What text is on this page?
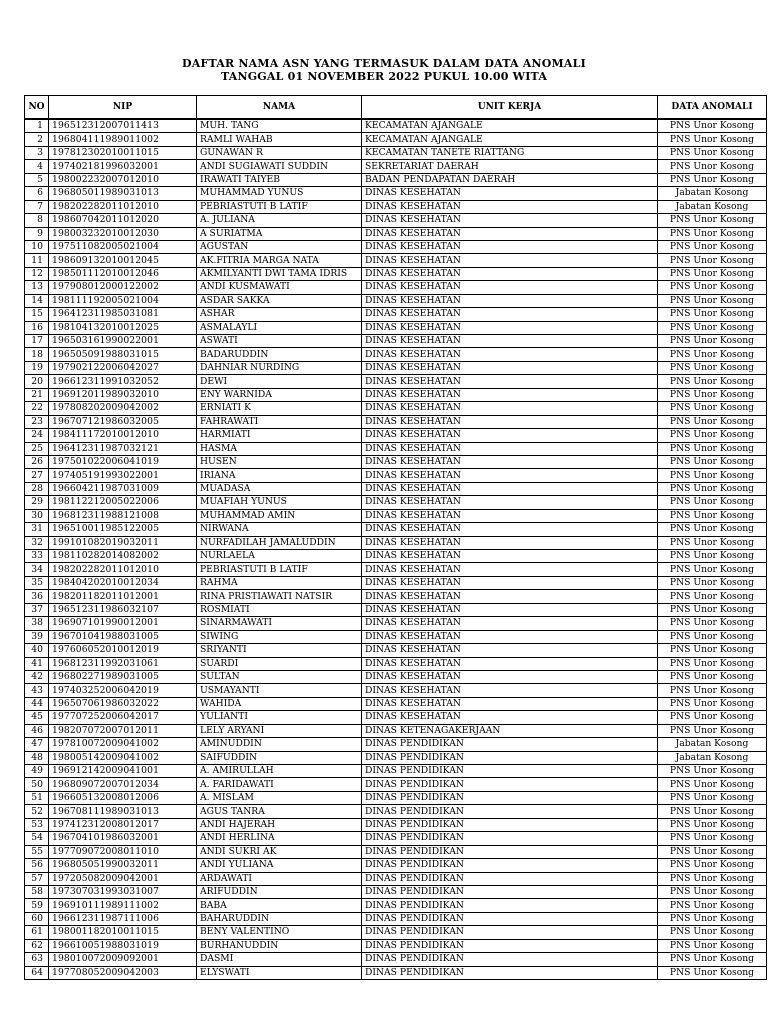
DAFTAR NAMA ASN YANG TERMASUK DALAM DATA ANOMALI
TANGGAL 01 NOVEMBER 2022 PUKUL 10.00 WITA
NO	NIP	NAMA	UNIT KERJA	DATA ANOMALI
1	196512312007011413	MUH. TANG	KECAMATAN AJANGALE	PNS Unor Kosong
2	196804111989011002	RAMLI WAHAB	KECAMATAN AJANGALE	PNS Unor Kosong
3	197812302010011015	GUNAWAN R	KECAMATAN TANETE RIATTANG	PNS Unor Kosong
4	197402181996032001	ANDI SUGIAWATI SUDDIN	SEKRETARIAT DAERAH	PNS Unor Kosong
5	198002232007012010	IRAWATI TAIYEB	BADAN PENDAPATAN DAERAH	PNS Unor Kosong
6	196805011989031013	MUHAMMAD YUNUS	DINAS KESEHATAN	Jabatan Kosong
7	198202282011012010	PEBRIASTUTI B LATIF	DINAS KESEHATAN	Jabatan Kosong
8	198607042011012020	A. JULIANA	DINAS KESEHATAN	PNS Unor Kosong
9	198003232010012030	A SURIATMA	DINAS KESEHATAN	PNS Unor Kosong
10	197511082005021004	AGUSTAN	DINAS KESEHATAN	PNS Unor Kosong
11	198609132010012045	AK.FITRIA MARGA NATA	DINAS KESEHATAN	PNS Unor Kosong
12	198501112010012046	AKMILYANTI DWI TAMA IDRIS	DINAS KESEHATAN	PNS Unor Kosong
13	197908012000122002	ANDI KUSMAWATI	DINAS KESEHATAN	PNS Unor Kosong
14	198111192005021004	ASDAR SAKKA	DINAS KESEHATAN	PNS Unor Kosong
15	196412311985031081	ASHAR	DINAS KESEHATAN	PNS Unor Kosong
16	198104132010012025	ASMALAYLI	DINAS KESEHATAN	PNS Unor Kosong
17	196503161990022001	ASWATI	DINAS KESEHATAN	PNS Unor Kosong
18	196505091988031015	BADARUDDIN	DINAS KESEHATAN	PNS Unor Kosong
19	197902122006042027	DAHNIAR NURDING	DINAS KESEHATAN	PNS Unor Kosong
20	196612311991032052	DEWI	DINAS KESEHATAN	PNS Unor Kosong
21	196912011989032010	ENY WARNIDA	DINAS KESEHATAN	PNS Unor Kosong
22	197808202009042002	ERNIATI K	DINAS KESEHATAN	PNS Unor Kosong
23	196707121986032005	FAHRAWATI	DINAS KESEHATAN	PNS Unor Kosong
24	198411172010012010	HARMIATI	DINAS KESEHATAN	PNS Unor Kosong
25	196412311987032121	HASMA	DINAS KESEHATAN	PNS Unor Kosong
26	197501022006041019	HUSEN	DINAS KESEHATAN	PNS Unor Kosong
27	197405191993022001	IRIANA	DINAS KESEHATAN	PNS Unor Kosong
28	196604211987031009	MUADASA	DINAS KESEHATAN	PNS Unor Kosong
29	198112212005022006	MUAFIAH YUNUS	DINAS KESEHATAN	PNS Unor Kosong
30	196812311988121008	MUHAMMAD AMIN	DINAS KESEHATAN	PNS Unor Kosong
31	196510011985122005	NIRWANA	DINAS KESEHATAN	PNS Unor Kosong
32	199101082019032011	NURFADILAH JAMALUDDIN	DINAS KESEHATAN	PNS Unor Kosong
33	198110282014082002	NURLAELA	DINAS KESEHATAN	PNS Unor Kosong
34	198202282011012010	PEBRIASTUTI B LATIF	DINAS KESEHATAN	PNS Unor Kosong
35	198404202010012034	RAHMA	DINAS KESEHATAN	PNS Unor Kosong
36	198201182011012001	RINA PRISTIAWATI NATSIR	DINAS KESEHATAN	PNS Unor Kosong
37	196512311986032107	ROSMIATI	DINAS KESEHATAN	PNS Unor Kosong
38	196907101990012001	SINARMAWATI	DINAS KESEHATAN	PNS Unor Kosong
39	196701041988031005	SIWING	DINAS KESEHATAN	PNS Unor Kosong
40	197606052010012019	SRIYANTI	DINAS KESEHATAN	PNS Unor Kosong
41	196812311992031061	SUARDI	DINAS KESEHATAN	PNS Unor Kosong
42	196802271989031005	SULTAN	DINAS KESEHATAN	PNS Unor Kosong
43	197403252006042019	USMAYANTI	DINAS KESEHATAN	PNS Unor Kosong
44	196507061986032022	WAHIDA	DINAS KESEHATAN	PNS Unor Kosong
45	197707252006042017	YULIANTI	DINAS KESEHATAN	PNS Unor Kosong
46	198207072007012011	LELY ARYANI	DINAS KETENAGAKERJAAN	PNS Unor Kosong
47	197810072009041002	AMINUDDIN	DINAS PENDIDIKAN	Jabatan Kosong
48	198005142009041002	SAIFUDDIN	DINAS PENDIDIKAN	Jabatan Kosong
49	196912142009041001	A. AMIRULLAH	DINAS PENDIDIKAN	PNS Unor Kosong
50	196809072007012034	A. FARIDAWATI	DINAS PENDIDIKAN	PNS Unor Kosong
51	196605132008012006	A. MISLAM	DINAS PENDIDIKAN	PNS Unor Kosong
52	196708111989031013	AGUS TANRA	DINAS PENDIDIKAN	PNS Unor Kosong
53	197412312008012017	ANDI HAJERAH	DINAS PENDIDIKAN	PNS Unor Kosong
54	196704101986032001	ANDI HERLINA	DINAS PENDIDIKAN	PNS Unor Kosong
55	197709072008011010	ANDI SUKRI AK	DINAS PENDIDIKAN	PNS Unor Kosong
56	196805051990032011	ANDI YULIANA	DINAS PENDIDIKAN	PNS Unor Kosong
57	197205082009042001	ARDAWATI	DINAS PENDIDIKAN	PNS Unor Kosong
58	197307031993031007	ARIFUDDIN	DINAS PENDIDIKAN	PNS Unor Kosong
59	196910111989111002	BABA	DINAS PENDIDIKAN	PNS Unor Kosong
60	196612311987111006	BAHARUDDIN	DINAS PENDIDIKAN	PNS Unor Kosong
61	198001182010011015	BENY VALENTINO	DINAS PENDIDIKAN	PNS Unor Kosong
62	196610051988031019	BURHANUDDIN	DINAS PENDIDIKAN	PNS Unor Kosong
63	198010072009092001	DASMI	DINAS PENDIDIKAN	PNS Unor Kosong
64	197708052009042003	ELYSWATI	DINAS PENDIDIKAN	PNS Unor Kosong
